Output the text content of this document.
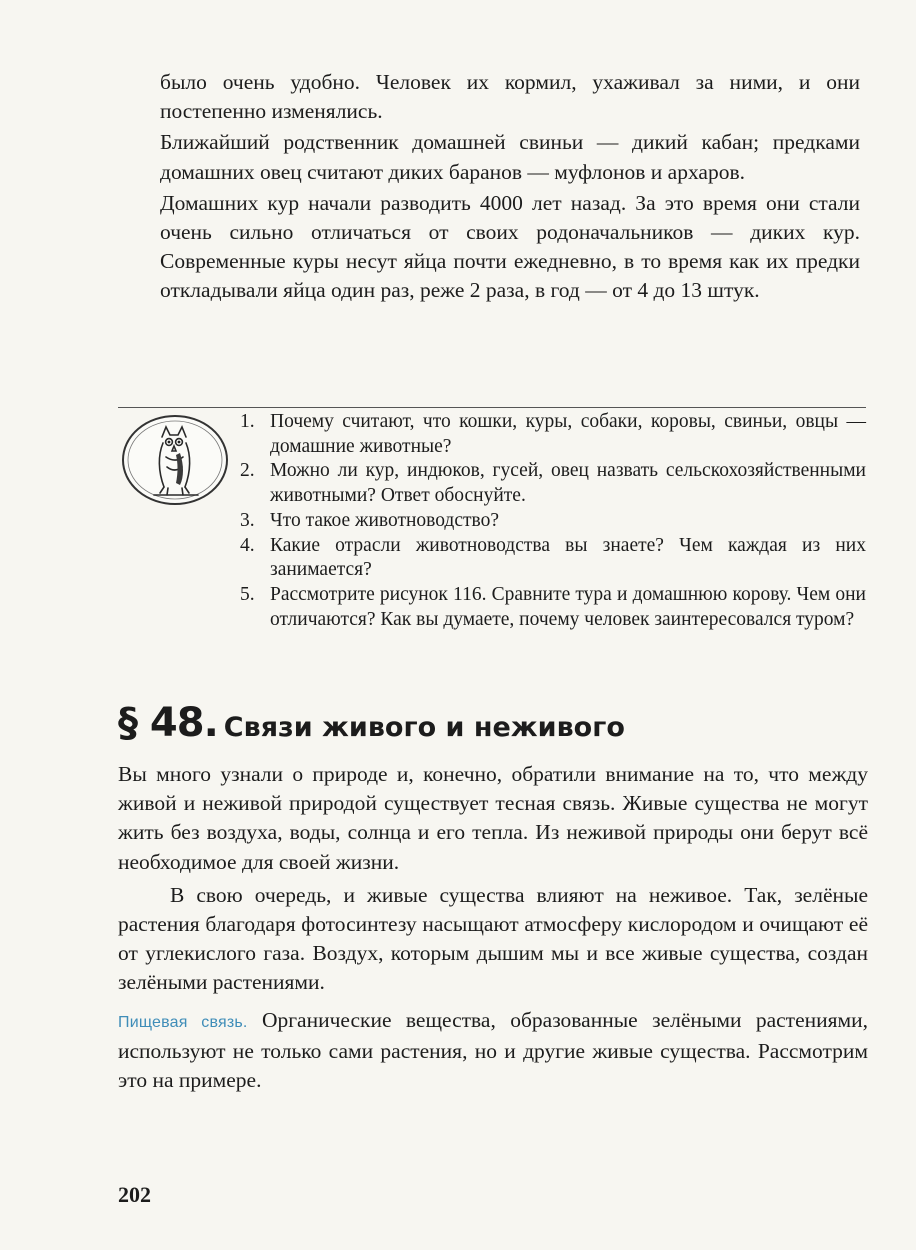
было очень удобно. Человек их кормил, ухаживал за ними, и они постепенно изменялись.

Ближайший родственник домашней свиньи — дикий кабан; предками домашних овец считают диких баранов — муфлонов и архаров.

Домашних кур начали разводить 4000 лет назад. За это время они стали очень сильно отличаться от своих родоначальников — диких кур. Современные куры несут яйца почти ежедневно, в то время как их предки откладывали яйца один раз, реже 2 раза, в год — от 4 до 13 штук.

1. Почему считают, что кошки, куры, собаки, коровы, свиньи, овцы — домашние животные?
2. Можно ли кур, индюков, гусей, овец назвать сельскохозяйственными животными? Ответ обоснуйте.
3. Что такое животноводство?
4. Какие отрасли животноводства вы знаете? Чем каждая из них занимается?
5. Рассмотрите рисунок 116. Сравните тура и домашнюю корову. Чем они отличаются? Как вы думаете, почему человек заинтересовался туром?
§ 48. Связи живого и неживого

Вы много узнали о природе и, конечно, обратили внимание на то, что между живой и неживой природой существует тесная связь. Живые существа не могут жить без воздуха, воды, солнца и его тепла. Из неживой природы они берут всё необходимое для своей жизни.

В свою очередь, и живые существа влияют на неживое. Так, зелёные растения благодаря фотосинтезу насыщают атмосферу кислородом и очищают её от углекислого газа. Воздух, которым дышим мы и все живые существа, создан зелёными растениями.

Пищевая связь. Органические вещества, образованные зелёными растениями, используют не только сами растения, но и другие живые существа. Рассмотрим это на примере.

202
